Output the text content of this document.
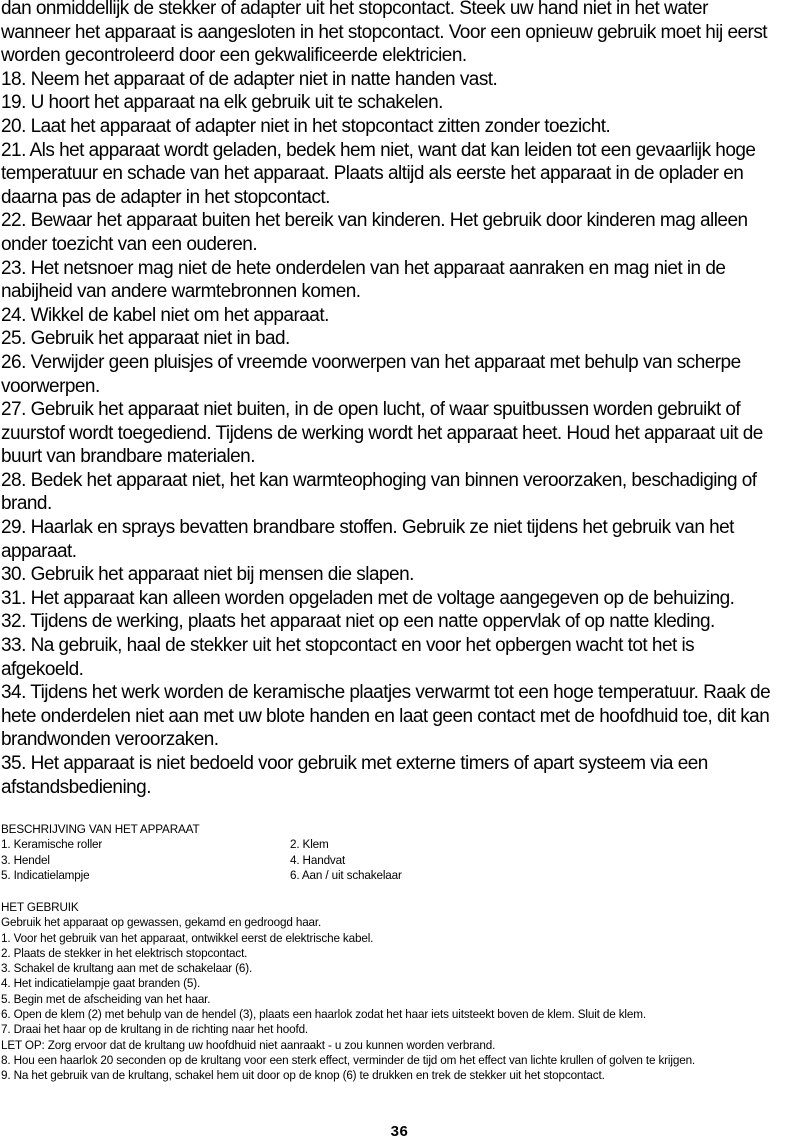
dan onmiddellijk de stekker of adapter uit het stopcontact. Steek uw hand niet in het water wanneer het apparaat is aangesloten in het stopcontact. Voor een opnieuw gebruik moet hij eerst worden gecontroleerd door een gekwalificeerde elektricien.

18. Neem het apparaat of de adapter niet in natte handen vast.

19. U hoort het apparaat na elk gebruik uit te schakelen.

20. Laat het apparaat of adapter niet in het stopcontact zitten zonder toezicht.

21. Als het apparaat wordt geladen, bedek hem niet, want dat kan leiden tot een gevaarlijk hoge temperatuur en schade van het apparaat. Plaats altijd als eerste het apparaat in de oplader en daarna pas de adapter in het stopcontact.

22. Bewaar het apparaat buiten het bereik van kinderen. Het gebruik door kinderen mag alleen onder toezicht van een ouderen.

23. Het netsnoer mag niet de hete onderdelen van het apparaat aanraken en mag niet in de nabijheid van andere warmtebronnen komen.

24. Wikkel de kabel niet om het apparaat.

25. Gebruik het apparaat niet in bad.

26. Verwijder geen pluisjes of vreemde voorwerpen van het apparaat met behulp van scherpe voorwerpen.

27. Gebruik het apparaat niet buiten, in de open lucht, of waar spuitbussen worden gebruikt of zuurstof wordt toegediend. Tijdens de werking wordt het apparaat heet. Houd het apparaat uit de buurt van brandbare materialen.

28. Bedek het apparaat niet, het kan warmteophoging van binnen veroorzaken, beschadiging of brand.

29. Haarlak en sprays bevatten brandbare stoffen. Gebruik ze niet tijdens het gebruik van het apparaat.

30. Gebruik het apparaat niet bij mensen die slapen.

31. Het apparaat kan alleen worden opgeladen met de voltage aangegeven op de behuizing.

32. Tijdens de werking, plaats het apparaat niet op een natte oppervlak of op natte kleding.

33. Na gebruik, haal de stekker uit het stopcontact en voor het opbergen wacht tot het is afgekoeld.

34. Tijdens het werk worden de keramische plaatjes verwarmt tot een hoge temperatuur. Raak de hete onderdelen niet aan met uw blote handen en laat geen contact met de hoofdhuid toe, dit kan brandwonden veroorzaken.

35. Het apparaat is niet bedoeld voor gebruik met externe timers of apart systeem via een afstandsbediening.

BESCHRIJVING VAN HET APPARAAT

1. Keramische roller	2. Klem
3. Hendel	4. Handvat
5. Indicatielampje	6. Aan / uit schakelaar

HET GEBRUIK

Gebruik het apparaat op gewassen, gekamd en gedroogd haar.

1. Voor het gebruik van het apparaat, ontwikkel eerst de elektrische kabel.

2. Plaats de stekker in het elektrisch stopcontact.

3. Schakel de krultang aan met de schakelaar (6).

4. Het indicatielampje gaat branden (5).

5. Begin met de afscheiding van het haar.

6. Open de klem (2) met behulp van de hendel (3), plaats een haarlok zodat het haar iets uitsteekt boven de klem. Sluit de klem.

7. Draai het haar op de krultang in de richting naar het hoofd.

LET OP: Zorg ervoor dat de krultang uw hoofdhuid niet aanraakt - u zou kunnen worden verbrand.

8. Hou een haarlok 20 seconden op de krultang voor een sterk effect, verminder de tijd om het effect van lichte krullen of golven te krijgen.

9. Na het gebruik van de krultang, schakel hem uit door op de knop (6) te drukken en trek de stekker uit het stopcontact.

36
